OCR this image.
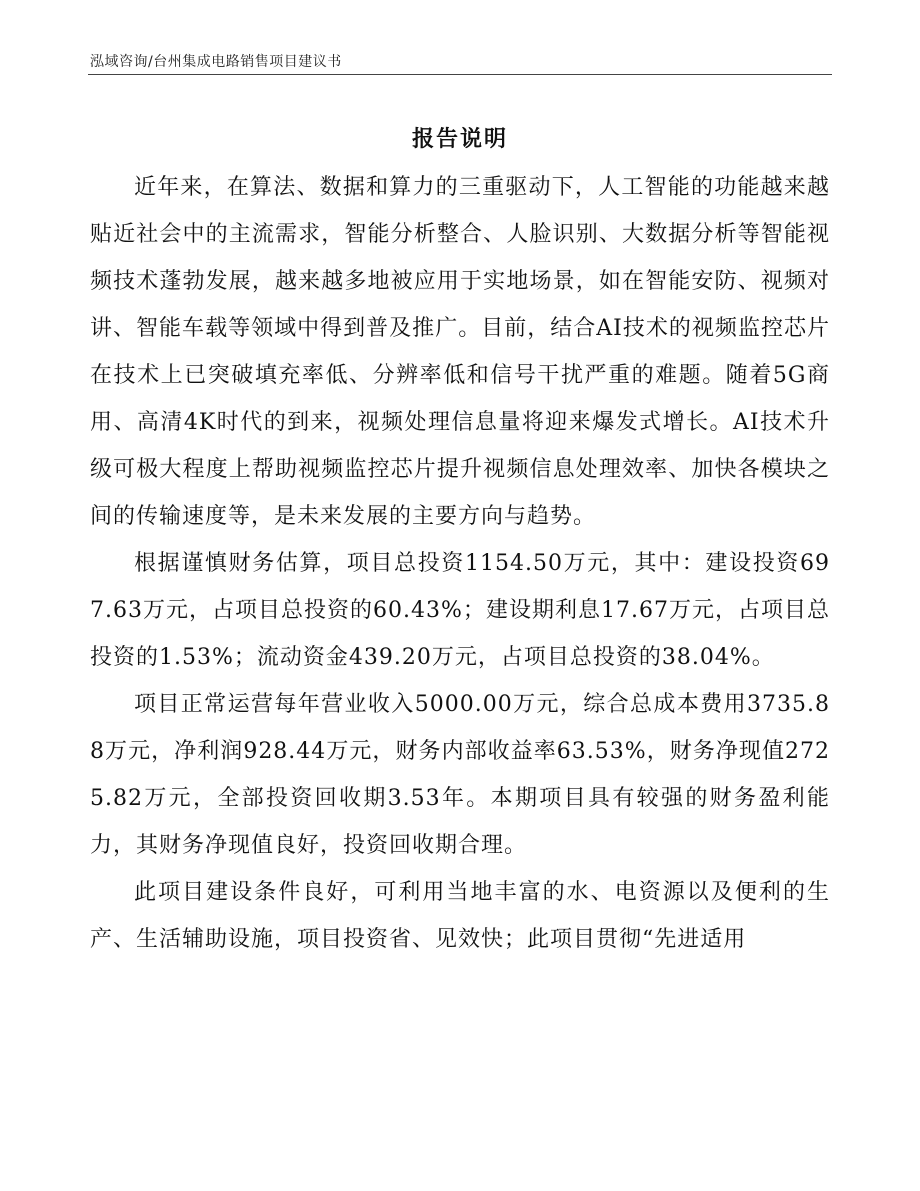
泓域咨询/台州集成电路销售项目建议书
报告说明

近年来，在算法、数据和算力的三重驱动下，人工智能的功能越来越贴近社会中的主流需求，智能分析整合、人脸识别、大数据分析等智能视频技术蓬勃发展，越来越多地被应用于实地场景，如在智能安防、视频对讲、智能车载等领域中得到普及推广。目前，结合AI技术的视频监控芯片在技术上已突破填充率低、分辨率低和信号干扰严重的难题。随着5G商用、高清4K时代的到来，视频处理信息量将迎来爆发式增长。AI技术升级可极大程度上帮助视频监控芯片提升视频信息处理效率、加快各模块之间的传输速度等，是未来发展的主要方向与趋势。

根据谨慎财务估算，项目总投资1154.50万元，其中：建设投资697.63万元，占项目总投资的60.43%；建设期利息17.67万元，占项目总投资的1.53%；流动资金439.20万元，占项目总投资的38.04%。

项目正常运营每年营业收入5000.00万元，综合总成本费用3735.88万元，净利润928.44万元，财务内部收益率63.53%，财务净现值2725.82万元，全部投资回收期3.53年。本期项目具有较强的财务盈利能力，其财务净现值良好，投资回收期合理。

此项目建设条件良好，可利用当地丰富的水、电资源以及便利的生产、生活辅助设施，项目投资省、见效快；此项目贯彻“先进适用
